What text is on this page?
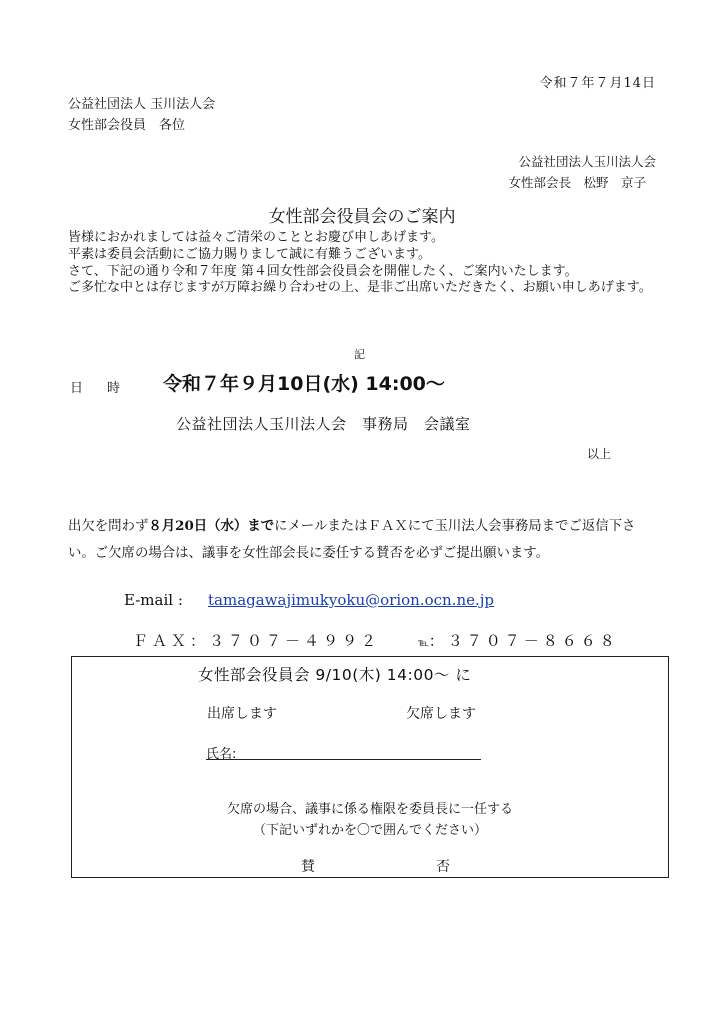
令和７年７月14日
公益社団法人 玉川法人会
女性部会役員　各位
公益社団法人玉川法人会
女性部会長　松野　京子
女性部会役員会のご案内

皆様におかれましては益々ご清栄のこととお慶び申しあげます。

平素は委員会活動にご協力賜りまして誠に有難うございます。

さて、下記の通り令和７年度 第４回女性部会役員会を開催したく、ご案内いたします。

ご多忙な中とは存じますが万障お繰り合わせの上、是非ご出席いただきたく、お願い申しあげます。

記
日 時	令和７年９月10日(水) 14:00～
公益社団法人玉川法人会　事務局　会議室
以上

出欠を問わず８月20日（水）までにメールまたはＦＡＸにて玉川法人会事務局までご返信下さい。ご欠席の場合は、議事を女性部会長に委任する賛否を必ずご提出願います。

E-mail : tamagawajimukyoku@orion.ocn.ne.jp
ＦＡＸ：３７０７－４９９２	℡：３７０７－８６６８
女性部会役員会 9/10(木) 14:00～ に
出席します	欠席します
氏名:
欠席の場合、議事に係る権限を委員長に一任する
（下記いずれかを〇で囲んでください）
賛	否
